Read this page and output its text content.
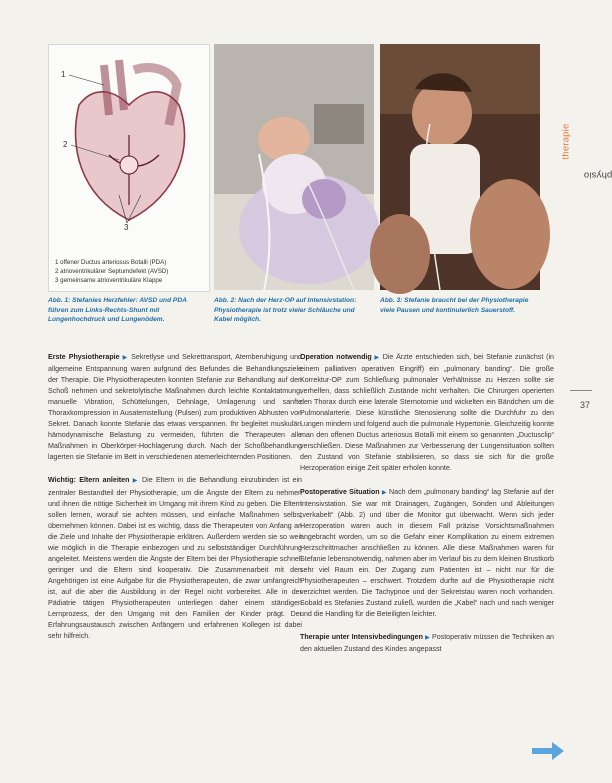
1
2
3
1 offener Ductus arteriosus Botalli (PDA)
2 atrioventrikulärer Septumdefekt (AVSD)
3 gemeinsame atrioventrikuläre Klappe
Abb. 1: Stefanies Herzfehler: AVSD und PDA führen zum Links-Rechts-Shunt mit Lungenhochdruck und Lungenödem.
Abb. 2: Nach der Herz-OP auf Intensivstation: Physiotherapie ist trotz vieler Schläuche und Kabel möglich.
Abb. 3: Stefanie braucht bei der Physiotherapie viele Pausen und kontinuierlich Sauerstoff.
physio
therapie
37

Erste Physiotherapie ▶ Sekretlyse und Sekrettransport, Atemberuhigung und allgemeine Entspannung waren aufgrund des Befundes die Behandlungsziele der Therapie. Die Physiotherapeuten konnten Stefanie zur Behandlung auf den Schoß nehmen und sekretolytische Maßnahmen durch leichte Kontaktatmung, manuelle Vibration, Schüttelungen, Dehnlage, Umlagerung und sanfte Thoraxkompression in Ausatemstellung (Pulsen) zum produktiven Abhusten von Sekret. Danach konnte Stefanie das etwas verspannen. Ihr begleitet muskulär-hämodynamische Belastung zu vermeiden, führten die Therapeuten alle Maßnahmen in Oberkörper-Hochlagerung durch. Nach der Schoßbehandlung lagerten sie Stefanie im Bett in verschiedenen atemerleichternden Positionen.

Wichtig: Eltern anleiten ▶ Die Eltern in die Behandlung einzubinden ist ein zentraler Bestandteil der Physiotherapie, um die Ängste der Eltern zu nehmen und ihnen die nötige Sicherheit im Umgang mit ihrem Kind zu geben. Die Eltern sollen lernen, worauf sie achten müssen, und einfache Maßnahmen selbst übernehmen können. Dabei ist es wichtig, dass die Therapeuten von Anfang an die Ziele und Inhalte der Physiotherapie erklären. Außerdem werden sie so weit wie möglich in die Therapie einbezogen und zu selbstständiger Durchführung angeleitet. Meistens werden die Ängste der Eltern bei der Physiotherapie schnell geringer und die Eltern sind kooperativ. Die Zusammenarbeit mit den Angehörigen ist eine Aufgabe für die Physiotherapeuten, die zwar umfangreich ist, auf die aber die Ausbildung in der Regel nicht vorbereitet. Alle in der Pädiatrie tätigen Physiotherapeuten unterliegen daher einem ständigen Lernprozess, der den Umgang mit den Familien der Kinder prägt. Der Erfahrungsaustausch zwischen Anfängern und erfahrenen Kollegen ist dabei sehr hilfreich.

Operation notwendig ▶ Die Ärzte entschieden sich, bei Stefanie zunächst (in einem palliativen operativen Eingriff) ein „pulmonary banding“. Die große Korrektur-OP zum Schließung pulmonaler Verhältnisse zu Herzen sollte sie verhelfen, dass schließlich Zustände nicht verhalten. Die Chirurgen operierten den Thorax durch eine laterale Sternotomie und wickelten ein Bändchen um die Pulmonalarterie. Diese künstliche Stenosierung sollte die Durchfuhr zu den Lungen mindern und folgend auch die pulmonale Hypertonie. Gleichzeitig konnte man den offenen Ductus arteriosus Botalli mit einem so genannten „Ductusclip“ verschließen. Diese Maßnahmen zur Verbesserung der Lungensituation sollten den Zustand von Stefanie stabilisieren, so dass sie sich für die große Herzoperation einige Zeit später erholen konnte.

Postoperative Situation ▶ Nach dem „pulmonary banding“ lag Stefanie auf der Intensivstation. Sie war mit Drainagen, Zugängen, Sonden und Ableitungen „verkabelt“ (Abb. 2) und über die Monitor gut überwacht. Wenn sich jeder Herzoperation waren auch in diesem Fall präzise Vorsichtsmaßnahmen angebracht worden, um so die Gefahr einer Komplikation zu einem extremen Herzschrittmacher anschließen zu können. Alle diese Maßnahmen waren für Stefanie lebensnotwendig, nahmen aber im Verlauf bis zu dem kleinen Brustkorb sehr viel Raum ein. Der Zugang zum Patienten ist – nicht nur für die Physiotherapeuten – erschwert. Trotzdem durfte auf die Physiotherapie nicht verzichtet werden. Die Tachypnoe und der Sekretstau waren noch vorhanden. Sobald es Stefanies Zustand zuließ, wurden die „Kabel“ nach und nach weniger und die Handling für die Beteiligten leichter.

Therapie unter Intensivbedingungen ▶ Postoperativ müssen die Techniken an den aktuellen Zustand des Kindes angepasst
